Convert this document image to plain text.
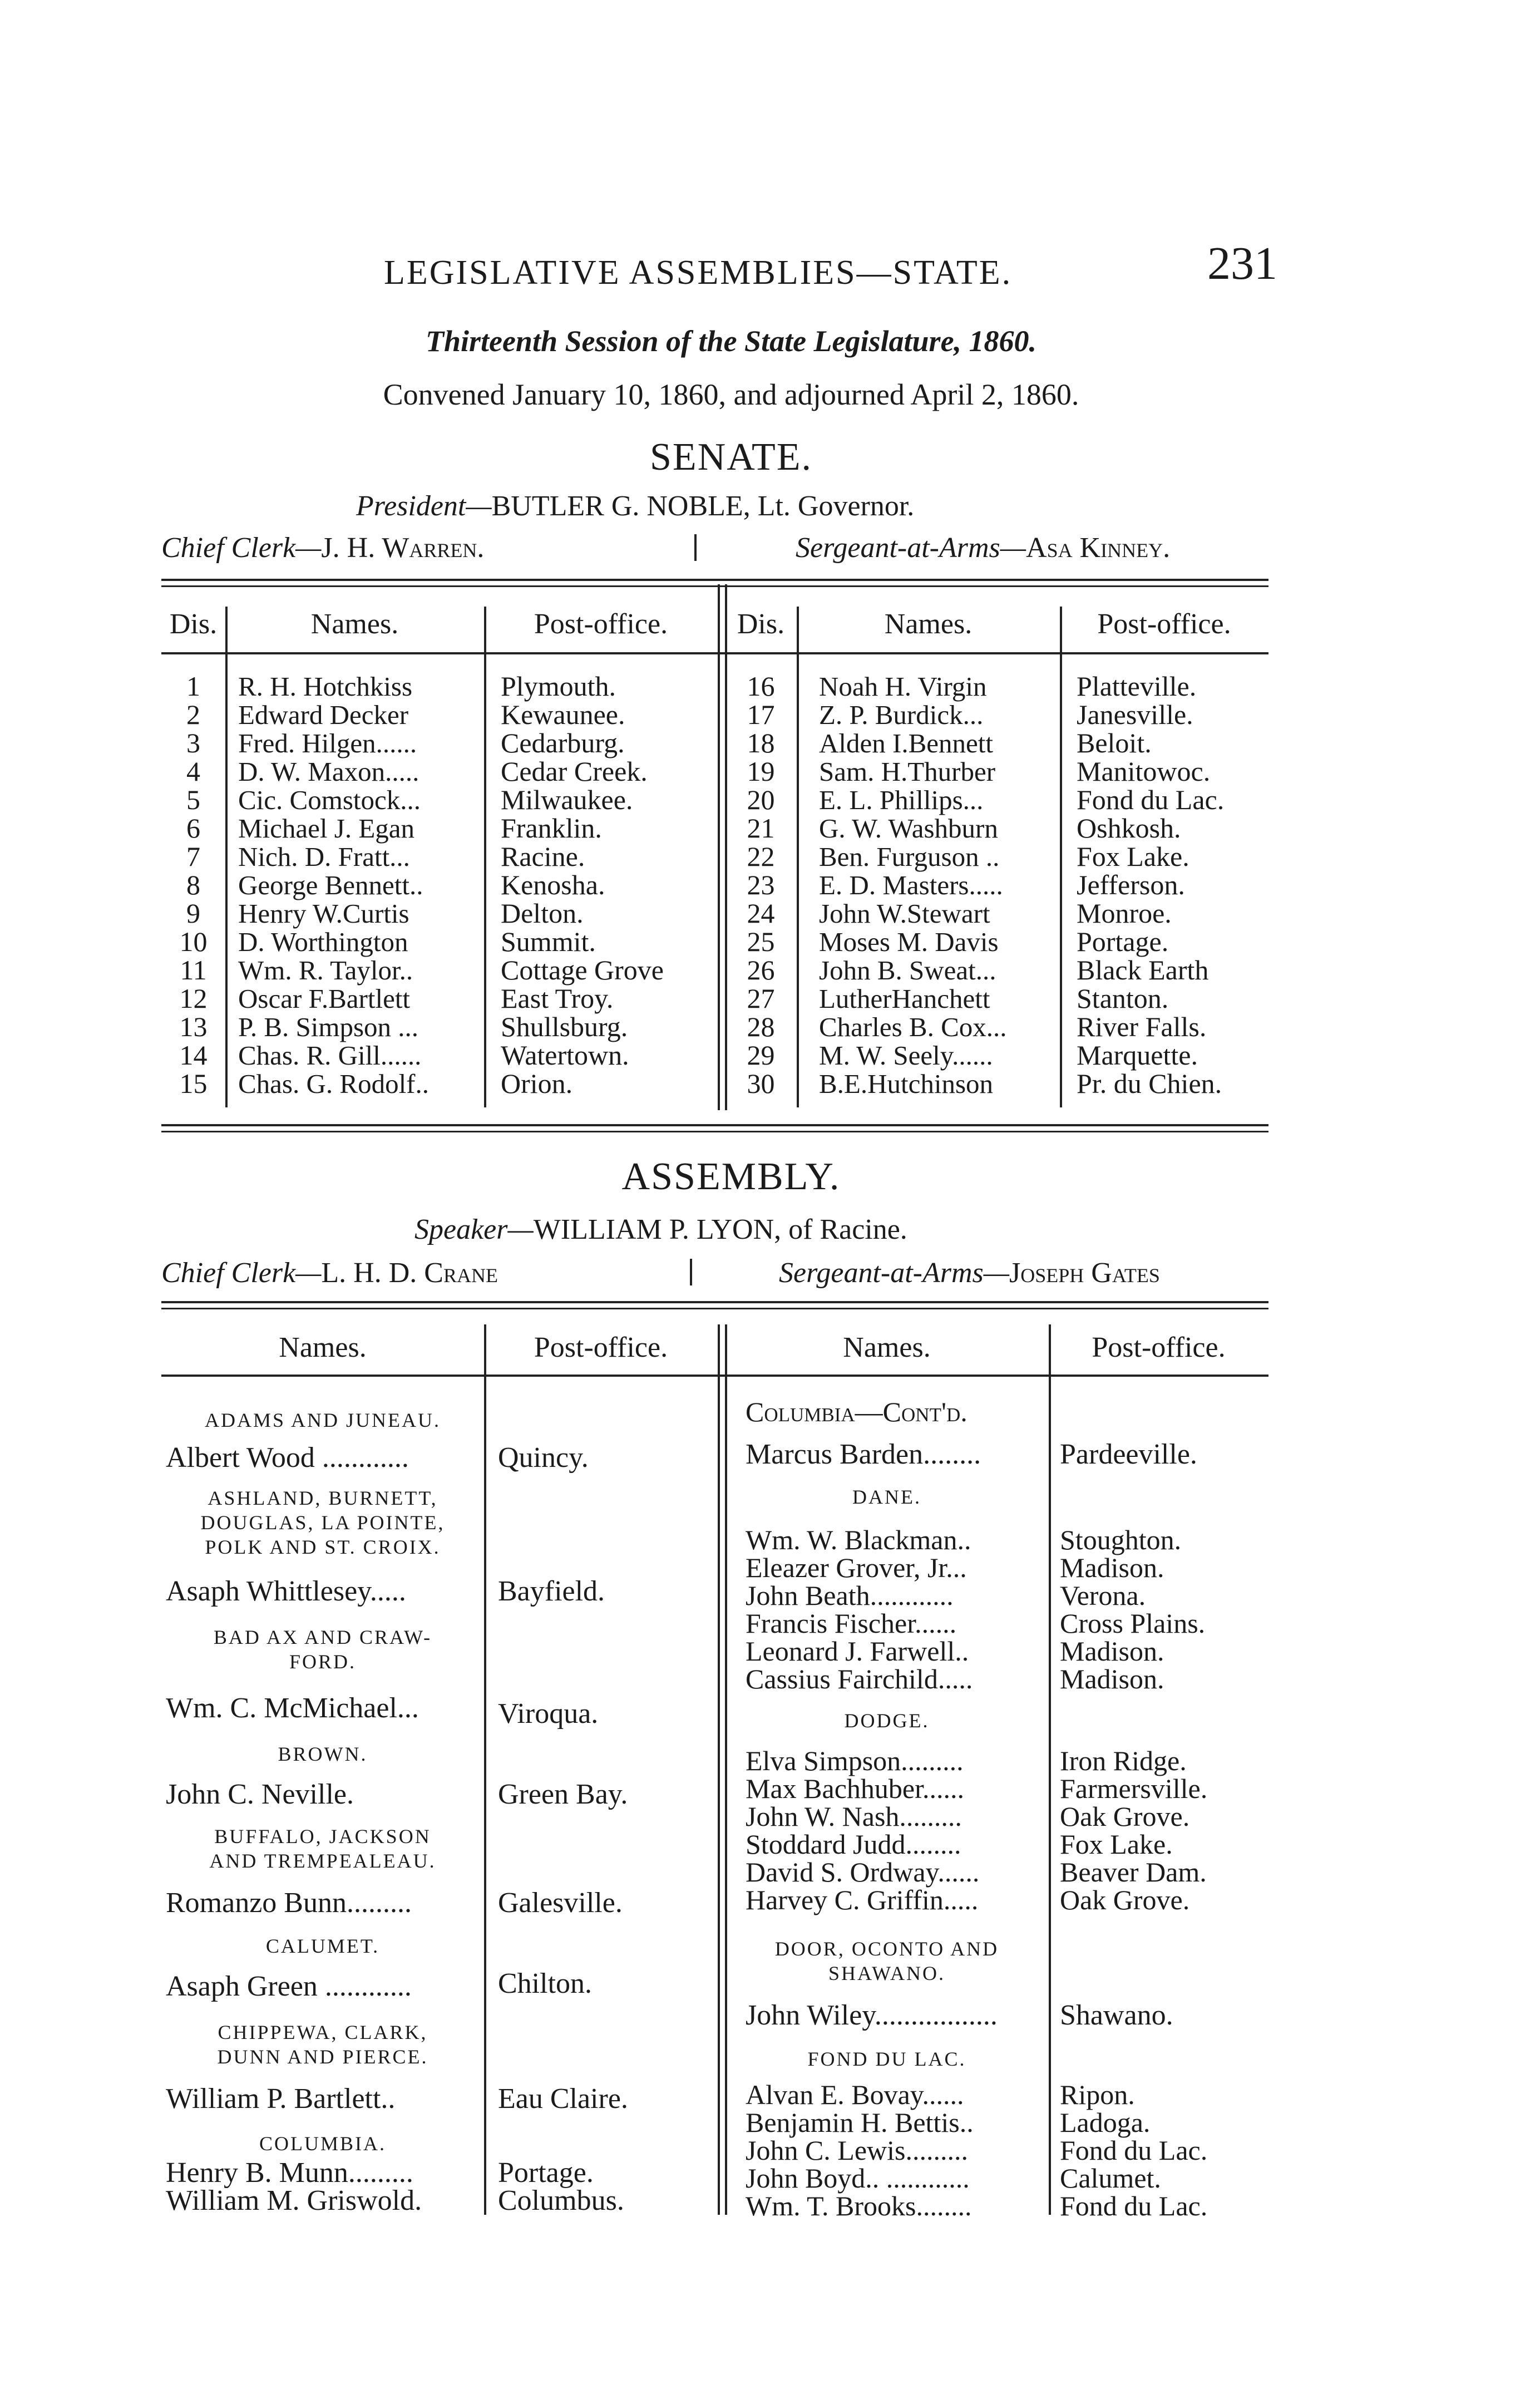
LEGISLATIVE ASSEMBLIES—STATE.	231
Thirteenth Session of the State Legislature, 1860.
Convened January 10, 1860, and adjourned April 2, 1860.
SENATE.
President—BUTLER G. NOBLE, Lt. Governor.
Chief Clerk—J. H. Warren.	Sergeant-at-Arms—Asa Kinney.
Dis.	Names.	Post-office.	Dis.	Names.	Post-office.
1	R. H. Hotchkiss	Plymouth.
2	Edward Decker	Kewaunee.
3	Fred. Hilgen......	Cedarburg.
4	D. W. Maxon.....	Cedar Creek.
5	Cic. Comstock...	Milwaukee.
6	Michael J. Egan	Franklin.
7	Nich. D. Fratt...	Racine.
8	George Bennett..	Kenosha.
9	Henry W.Curtis	Delton.
10	D. Worthington	Summit.
11	Wm. R. Taylor..	Cottage Grove
12	Oscar F.Bartlett	East Troy.
13	P. B. Simpson ...	Shullsburg.
14	Chas. R. Gill......	Watertown.
15	Chas. G. Rodolf..	Orion.
16	Noah H. Virgin	Platteville.
17	Z. P. Burdick...	Janesville.
18	Alden I.Bennett	Beloit.
19	Sam. H.Thurber	Manitowoc.
20	E. L. Phillips...	Fond du Lac.
21	G. W. Washburn	Oshkosh.
22	Ben. Furguson ..	Fox Lake.
23	E. D. Masters.....	Jefferson.
24	John W.Stewart	Monroe.
25	Moses M. Davis	Portage.
26	John B. Sweat...	Black Earth
27	LutherHanchett	Stanton.
28	Charles B. Cox...	River Falls.
29	M. W. Seely......	Marquette.
30	B.E.Hutchinson	Pr. du Chien.
ASSEMBLY.
Speaker—WILLIAM P. LYON, of Racine.
Chief Clerk—L. H. D. Crane	Sergeant-at-Arms—Joseph Gates
Names.	Post-office.	Names.	Post-office.
ADAMS AND JUNEAU.
Albert Wood ............	Quincy.
ASHLAND, BURNETT,
DOUGLAS, LA POINTE,
POLK AND ST. CROIX.
Asaph Whittlesey.....	Bayfield.
BAD AX AND CRAW-
FORD.
Wm. C. McMichael...	Viroqua.
BROWN.
John C. Neville.	Green Bay.
BUFFALO, JACKSON
AND TREMPEALEAU.
Romanzo Bunn.........	Galesville.
CALUMET.
Asaph Green ............	Chilton.
CHIPPEWA, CLARK,
DUNN AND PIERCE.
William P. Bartlett..	Eau Claire.
COLUMBIA.
Henry B. Munn.........	Portage.
William M. Griswold.	Columbus.
Columbia—Cont'd.
Marcus Barden........	Pardeeville.
DANE.
Wm. W. Blackman..	Stoughton.
Eleazer Grover, Jr...	Madison.
John Beath............	Verona.
Francis Fischer......	Cross Plains.
Leonard J. Farwell..	Madison.
Cassius Fairchild.....	Madison.
DODGE.
Elva Simpson.........	Iron Ridge.
Max Bachhuber......	Farmersville.
John W. Nash.........	Oak Grove.
Stoddard Judd........	Fox Lake.
David S. Ordway......	Beaver Dam.
Harvey C. Griffin.....	Oak Grove.
DOOR, OCONTO AND
SHAWANO.
John Wiley................. Shawano.
FOND DU LAC.
Alvan E. Bovay......	Ripon.
Benjamin H. Bettis..	Ladoga.
John C. Lewis.........	Fond du Lac.
John Boyd.. ............	Calumet.
Wm. T. Brooks........	Fond du Lac.
